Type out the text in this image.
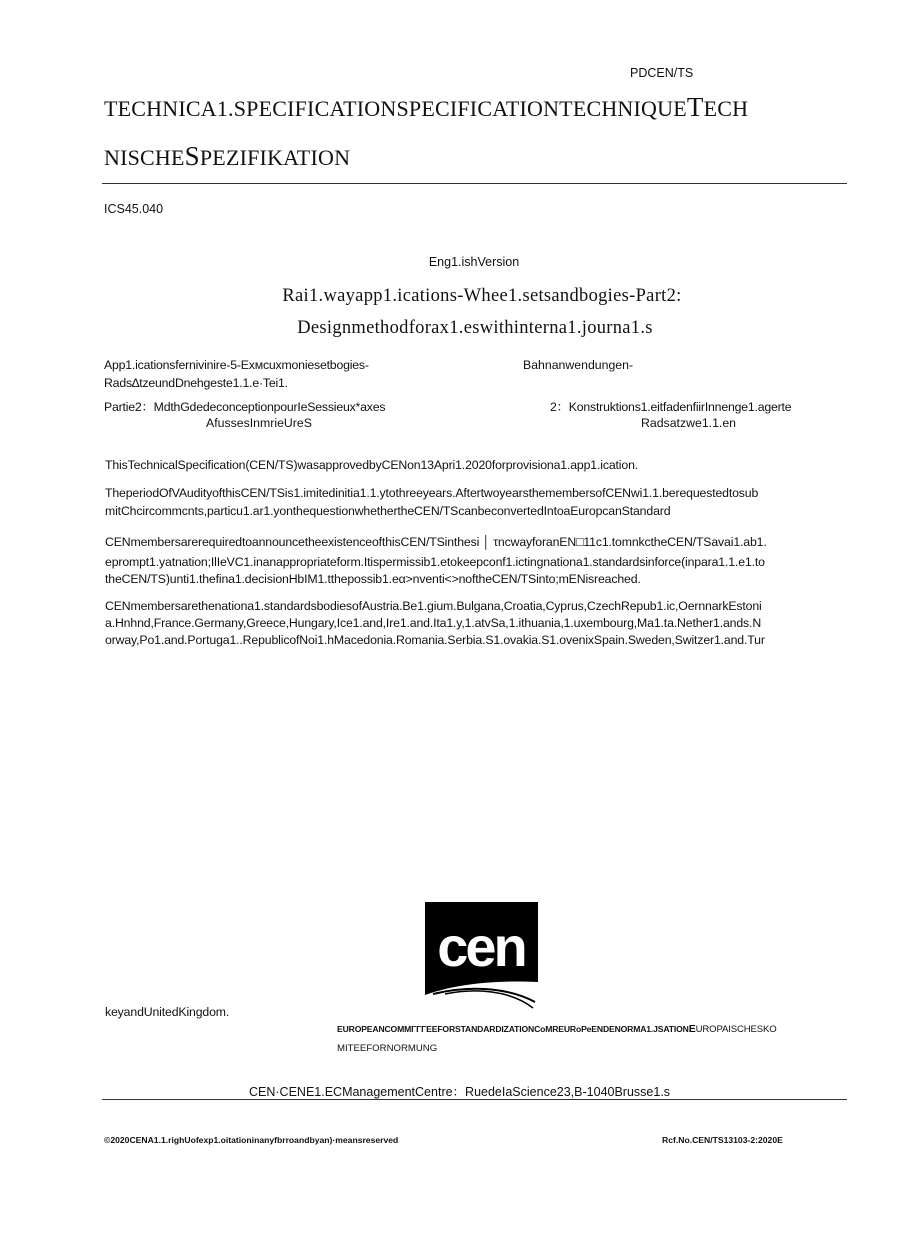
PDCEN/TS
TECHNICA1.SPECIFICATIONSPECIFICATIONTECHNIQUETECH
NISCHESPEZIFIKATION
ICS45.040
Eng1.ishVersion
Rai1.wayapp1.ications-Whee1.setsandbogies-Part2:
Designmethodforax1.eswithinterna1.journa1.s
App1.icationsfernivinire-5-Eхмсuxmoniesetbogies-	Bahnanwendungen-
Rads∆tzeundDnehgeste1.1.e·Tei1.
Partie2：MdthGdedeconceptionpourIeSessieux*axes	2：Konstruktions1.eitfadenfiirInnenge1.agerte
AfussesInmrieUreS	Radsatzwe1.1.en
ThisTechnicalSpecification(CEN/TS)wasapprovedbyCENon13Apri1.2020forprovisiona1.app1.ication.
TheperiodOfVAudityofthisCEN/TSis1.imitedinitia1.1.ytothreeyears.AftertwoyearsthemembersofCENwi1.1.berequestedtosub
mitChcircommcnts,particu1.ar1.yonthequestionwhethertheCEN/TScanbeconvertedIntoaEuropcanStandard
CENmembersarerequiredtoannouncetheexistenceofthisCEN/TSinthesi │ τncwayforanEN□11c1.tomnkctheCEN/TSavai1.ab1.
eprompt1.yatnation;IlIeVC1.inanappropriateform.Itispermissib1.etokeepconf1.ictingnationa1.standardsinforce(inpara1.1.e1.to
theCEN/TS)unti1.thefina1.decisionHbIM1.tthepossib1.eα>nventi<>noftheCEN/TSinto;mENisreached.
CENmembersarethenationa1.standardsbodiesofAustria.Be1.gium.Bulgana,Croatia,Cyprus,CzechRepub1.ic,OernnarkEstoni
a.Hnhnd,France.Germany,Grеесе,Hungary,Ice1.and,Ire1.and.Ita1.y,1.atvSa,1.ithuania,1.uxembourg,Ma1.ta.Nether1.ands.N
orway,Po1.and.Portuga1..RepublicofNoi1.hMacedonia.Romania.Serbia.S1.ovakia.S1.ovenixSpain.Sweden,Switzer1.and.Tur
cen
keyandUnitedKingdom.
EUROPEANCOMMΓΓΓEEFORSTANDARDIZATIONCoMREURoPeENDENORMA1.JSATIONEUROPAISCHESKO
MITEEFORNORMUNG
CEN·CENE1.ECManagementCentre：RuedeIaScience23,B-1040Brusse1.s
©2020CENA1.1.righUofexp1.oitationinanyfbrroandbyan)·meansreserved	Rcf.No.CEN/TS13103-2:2020E
